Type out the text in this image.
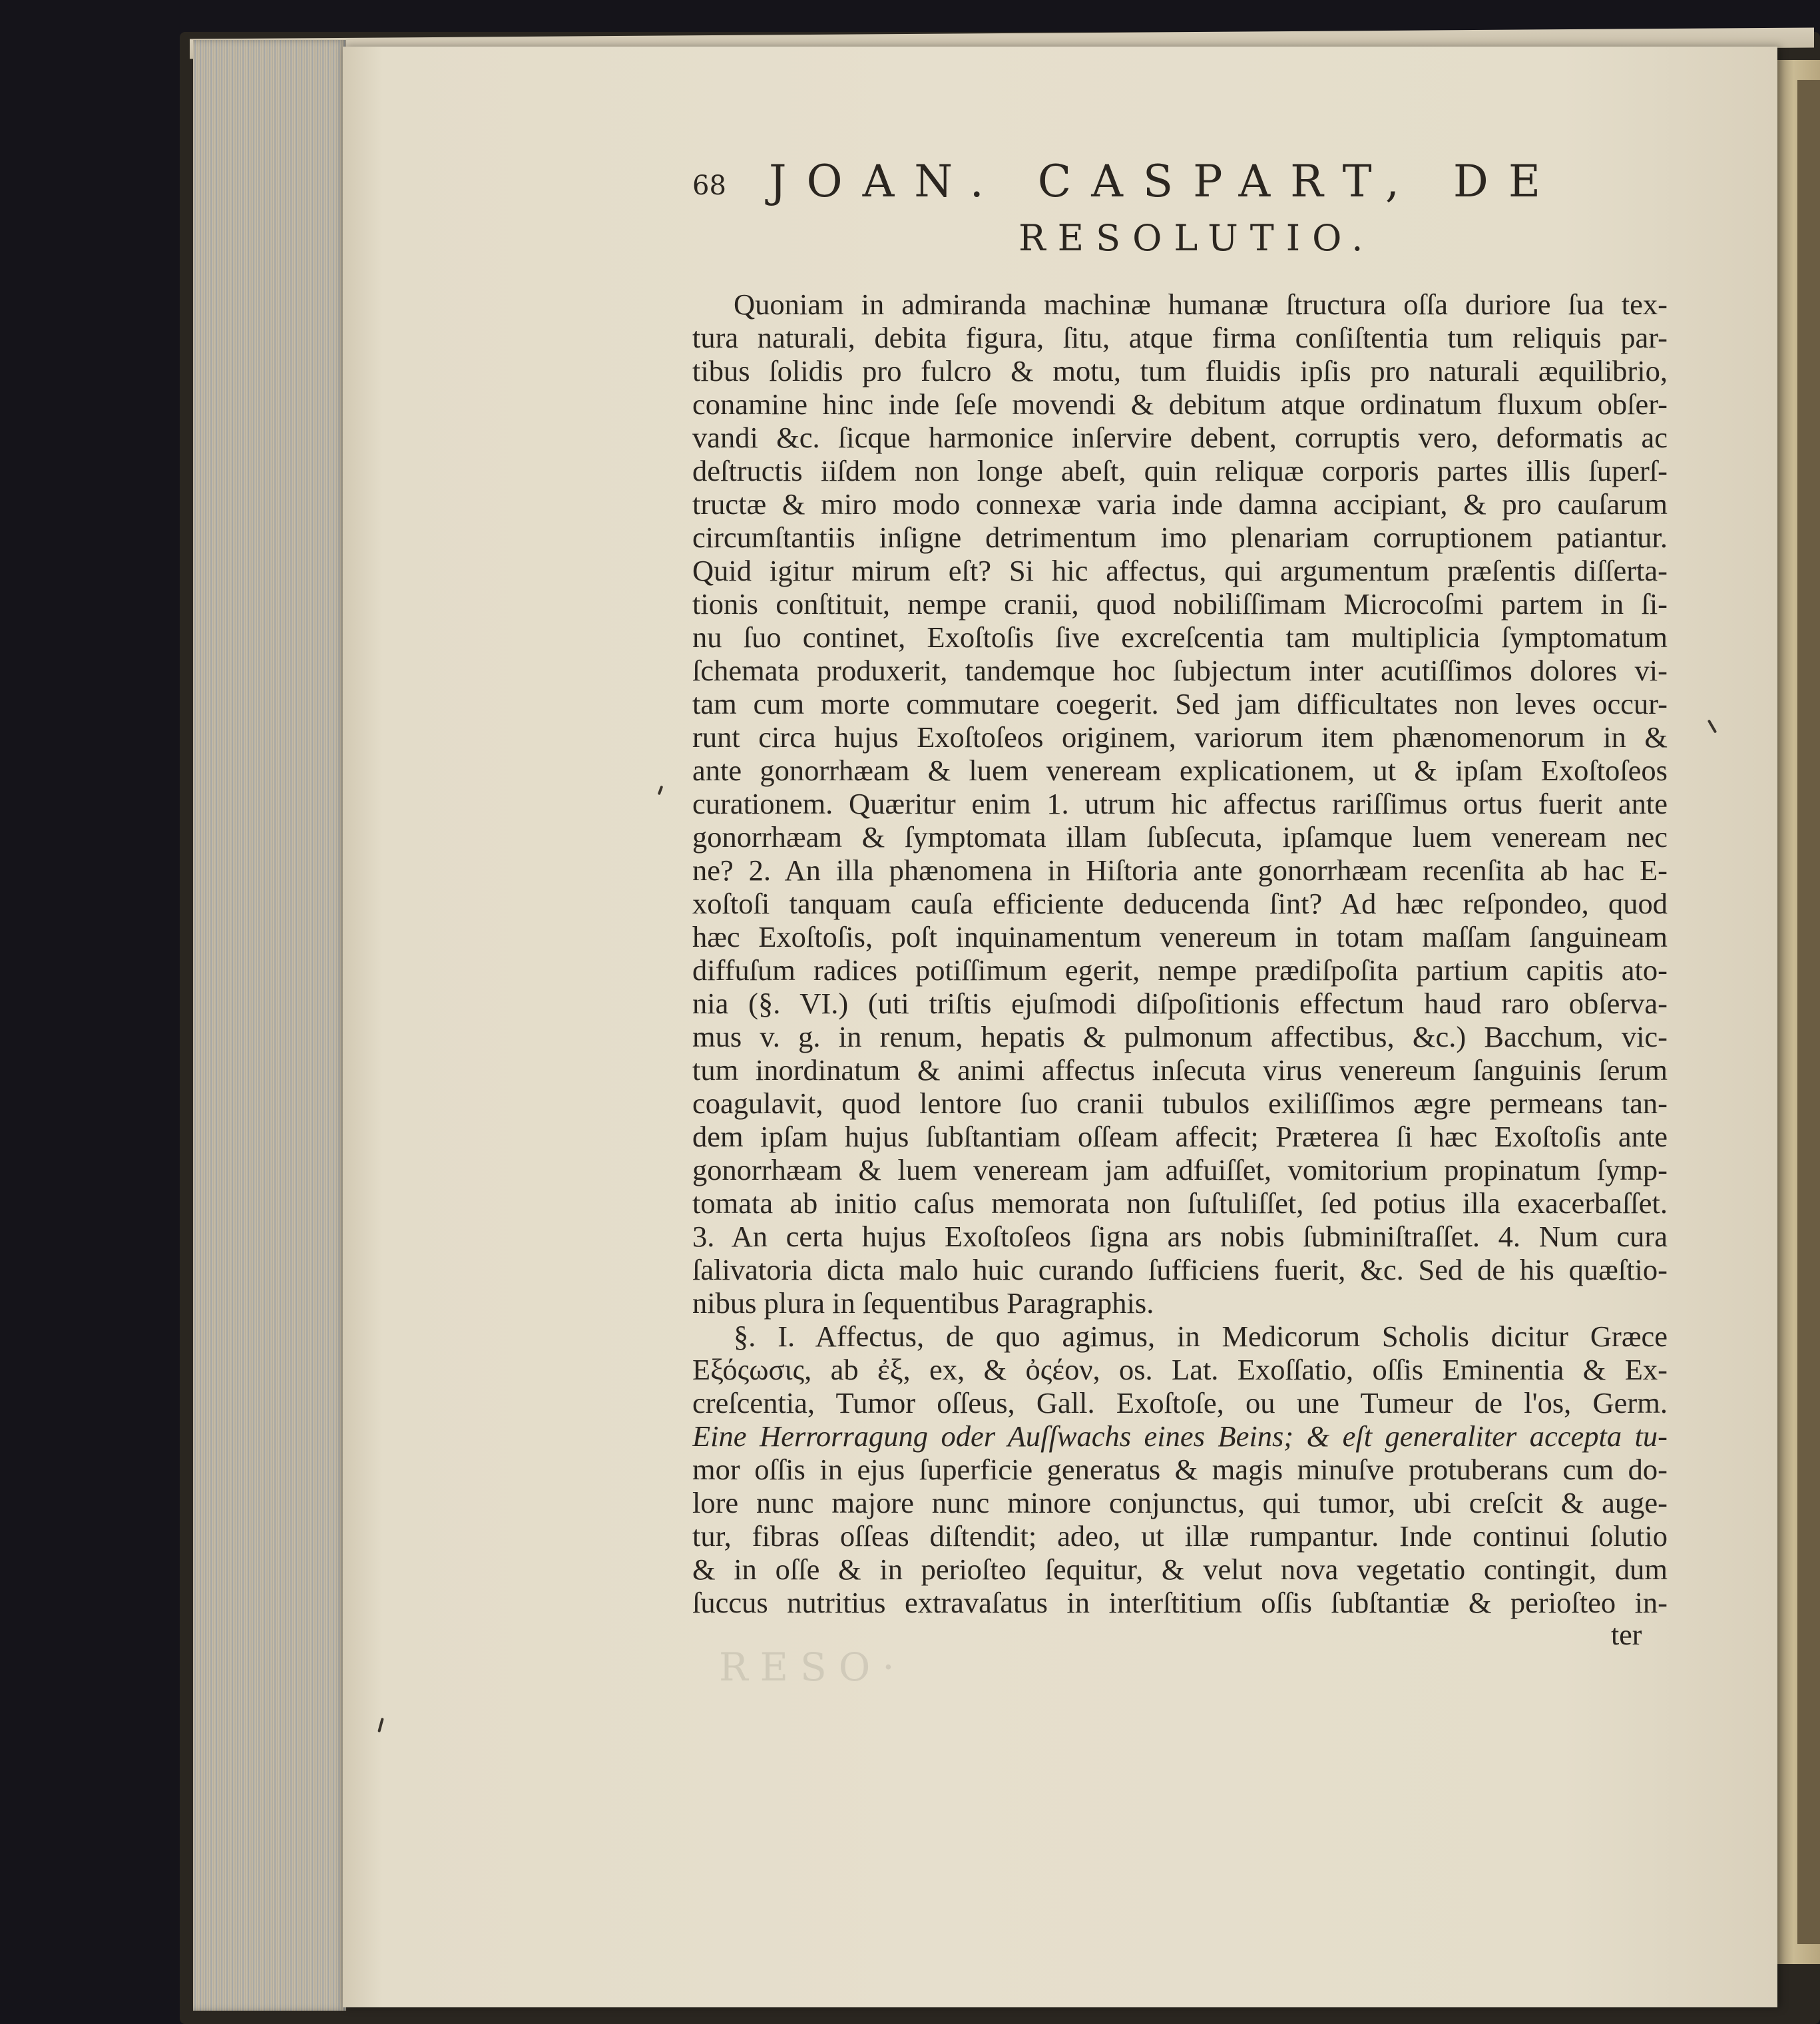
RESO·
68 JOAN. CASPART, DE
RESOLUTIO.
Quoniam in admiranda machinæ humanæ ſtructura oſſa duriore ſua tex-
tura naturali, debita figura, ſitu, atque firma conſiſtentia tum reliquis par-
tibus ſolidis pro fulcro & motu, tum fluidis ipſis pro naturali æquilibrio,
conamine hinc inde ſeſe movendi & debitum atque ordinatum fluxum obſer-
vandi &c. ſicque harmonice inſervire debent, corruptis vero, deformatis ac
deſtructis iiſdem non longe abeſt, quin reliquæ corporis partes illis ſuperſ-
tructæ & miro modo connexæ varia inde damna accipiant, & pro cauſarum
circumſtantiis inſigne detrimentum imo plenariam corruptionem patiantur.
Quid igitur mirum eſt? Si hic affectus, qui argumentum præſentis diſſerta-
tionis conſtituit, nempe cranii, quod nobiliſſimam Microcoſmi partem in ſi-
nu ſuo continet, Exoſtoſis ſive excreſcentia tam multiplicia ſymptomatum
ſchemata produxerit, tandemque hoc ſubjectum inter acutiſſimos dolores vi-
tam cum morte commutare coegerit. Sed jam difficultates non leves occur-
runt circa hujus Exoſtoſeos originem, variorum item phænomenorum in &
ante gonorrhæam & luem veneream explicationem, ut & ipſam Exoſtoſeos
curationem. Quæritur enim 1. utrum hic affectus rariſſimus ortus fuerit ante
gonorrhæam & ſymptomata illam ſubſecuta, ipſamque luem veneream nec
ne? 2. An illa phænomena in Hiſtoria ante gonorrhæam recenſita ab hac E-
xoſtoſi tanquam cauſa efficiente deducenda ſint? Ad hæc reſpondeo, quod
hæc Exoſtoſis, poſt inquinamentum venereum in totam maſſam ſanguineam
diffuſum radices potiſſimum egerit, nempe prædiſpoſita partium capitis ato-
nia (§. VI.) (uti triſtis ejuſmodi diſpoſitionis effectum haud raro obſerva-
mus v. g. in renum, hepatis & pulmonum affectibus, &c.) Bacchum, vic-
tum inordinatum & animi affectus inſecuta virus venereum ſanguinis ſerum
coagulavit, quod lentore ſuo cranii tubulos exiliſſimos ægre permeans tan-
dem ipſam hujus ſubſtantiam oſſeam affecit; Præterea ſi hæc Exoſtoſis ante
gonorrhæam & luem veneream jam adfuiſſet, vomitorium propinatum ſymp-
tomata ab initio caſus memorata non ſuſtuliſſet, ſed potius illa exacerbaſſet.
3. An certa hujus Exoſtoſeos ſigna ars nobis ſubminiſtraſſet. 4. Num cura
ſalivatoria dicta malo huic curando ſufficiens fuerit, &c. Sed de his quæſtio-
nibus plura in ſequentibus Paragraphis.
§. I. Affectus, de quo agimus, in Medicorum Scholis dicitur Græce
Εξόςωσις, ab ἐξ, ex, & ὀςέον, os. Lat. Exoſſatio, oſſis Eminentia & Ex-
creſcentia, Tumor oſſeus, Gall. Exoſtoſe, ou une Tumeur de l'os, Germ.
Eine Herrorragung oder Auſſwachs eines Beins; & eſt generaliter accepta tu-
mor oſſis in ejus ſuperficie generatus & magis minuſve protuberans cum do-
lore nunc majore nunc minore conjunctus, qui tumor, ubi creſcit & auge-
tur, fibras oſſeas diſtendit; adeo, ut illæ rumpantur. Inde continui ſolutio
& in oſſe & in perioſteo ſequitur, & velut nova vegetatio contingit, dum
ſuccus nutritius extravaſatus in interſtitium oſſis ſubſtantiæ & perioſteo in-
ter
